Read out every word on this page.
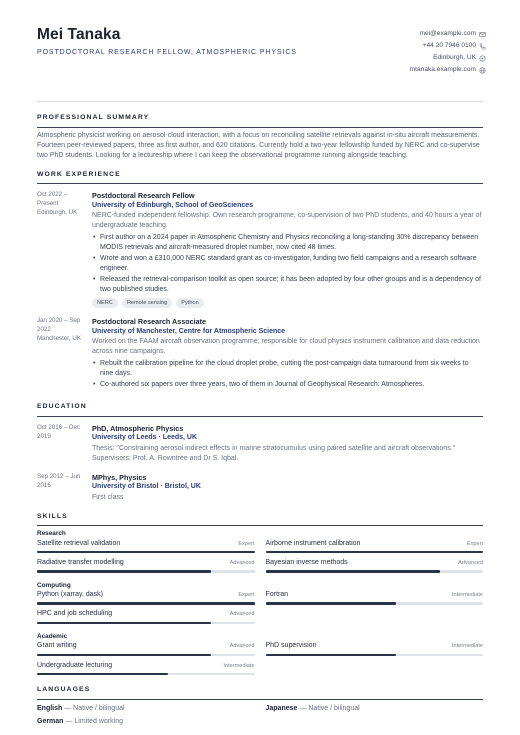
Mei Tanaka
POSTDOCTORAL RESEARCH FELLOW, ATMOSPHERIC PHYSICS
mei@example.com
+44 20 7946 0100
Edinburgh, UK
mtanaka.example.com
PROFESSIONAL SUMMARY
Atmospheric physicist working on aerosol-cloud interaction, with a focus on reconciling satellite retrievals against in-situ aircraft measurements. Fourteen peer-reviewed papers, three as first author, and 620 citations. Currently hold a two-year fellowship funded by NERC and co-supervise two PhD students. Looking for a lectureship where I can keep the observational programme running alongside teaching.
WORK EXPERIENCE
Oct 2022 – Present
Edinburgh, UK
Postdoctoral Research Fellow
University of Edinburgh, School of GeoSciences
NERC-funded independent fellowship. Own research programme, co-supervision of two PhD students, and 40 hours a year of undergraduate teaching.
• First author on a 2024 paper in Atmospheric Chemistry and Physics reconciling a long-standing 30% discrepancy between MODIS retrievals and aircraft-measured droplet number, now cited 48 times.
• Wrote and won a £310,000 NERC standard grant as co-investigator, funding two field campaigns and a research software engineer.
• Released the retrieval-comparison toolkit as open source; it has been adopted by four other groups and is a dependency of two published studies.
NERC	Remote sensing	Python
Jan 2020 – Sep 2022
Manchester, UK
Postdoctoral Research Associate
University of Manchester, Centre for Atmospheric Science
Worked on the FAAM aircraft observation programme; responsible for cloud physics instrument calibration and data reduction across nine campaigns.
• Rebuilt the calibration pipeline for the cloud droplet probe, cutting the post-campaign data turnaround from six weeks to nine days.
• Co-authored six papers over three years, two of them in Journal of Geophysical Research: Atmospheres.
EDUCATION
Oct 2016 – Dec 2019
PhD, Atmospheric Physics
University of Leeds · Leeds, UK
Thesis: "Constraining aerosol indirect effects in marine stratocumulus using paired satellite and aircraft observations." Supervisors: Prof. A. Rowntree and Dr S. Iqbal.
Sep 2012 – Jun 2016
MPhys, Physics
University of Bristol · Bristol, UK
First class
SKILLS
Research
Satellite retrieval validation	Expert Airborne instrument calibration	Expert
Radiative transfer modelling	Advanced Bayesian inverse methods	Advanced
Computing
Python (xarray, dask)	Expert Fortran	Intermediate
HPC and job scheduling	Advanced
Academic
Grant writing	Advanced PhD supervision	Intermediate
Undergraduate lecturing	Intermediate
LANGUAGES
English — Native / bilingual	Japanese — Native / bilingual
German — Limited working
